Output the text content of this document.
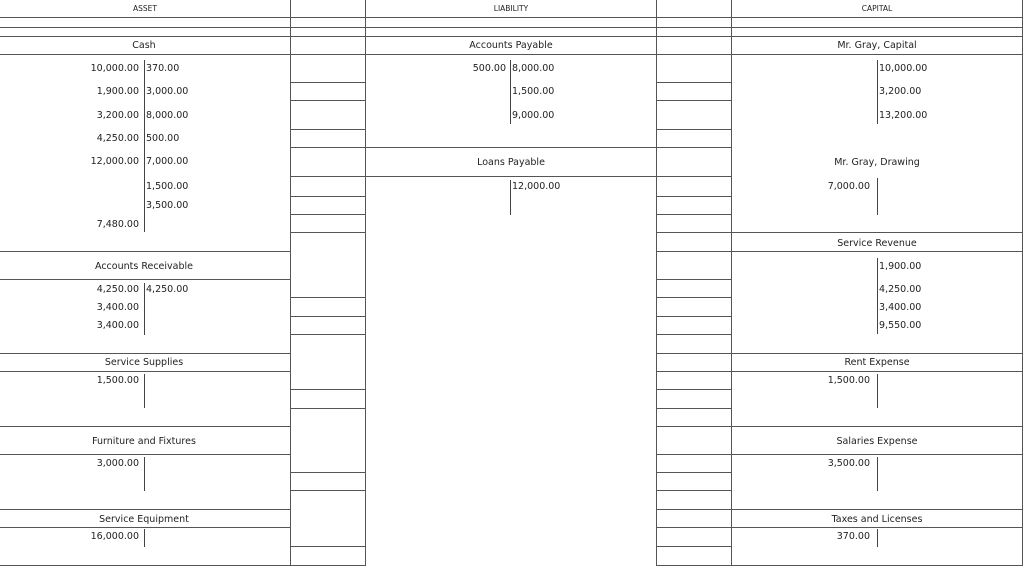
ASSET	LIABILITY	CAPITAL
Cash
10,000.00
1,900.00
3,200.00
4,250.00
12,000.00
7,480.00
370.00
3,000.00
8,000.00
500.00
7,000.00
1,500.00
3,500.00
Accounts Receivable
4,250.00
3,400.00
3,400.00
4,250.00
Service Supplies
1,500.00
Furniture and Fixtures
3,000.00
Service Equipment
16,000.00
Accounts Payable
500.00 8,000.00
1,500.00
9,000.00
Loans Payable
12,000.00
Mr. Gray, Capital
10,000.00
3,200.00
13,200.00
Mr. Gray, Drawing
7,000.00
Service Revenue
1,900.00
4,250.00
3,400.00
9,550.00
Rent Expense
1,500.00
Salaries Expense
3,500.00
Taxes and Licenses
370.00
